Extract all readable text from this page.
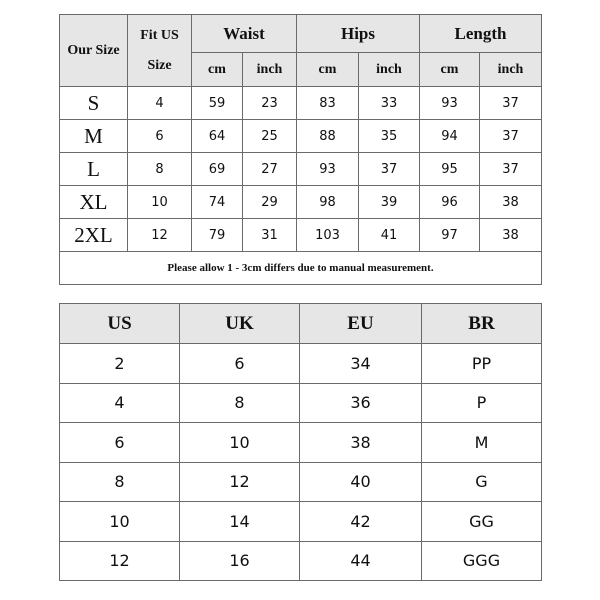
Our Size	Fit US Size	Waist		Hips		Length	
		cm	inch	cm	inch	cm	inch
S	4	59	23	83	33	93	37
M	6	64	25	88	35	94	37
L	8	69	27	93	37	95	37
XL	10	74	29	98	39	96	38
2XL	12	79	31	103	41	97	38
Please allow 1 - 3cm differs due to manual measurement.							
US	UK	EU	BR
2	6	34	PP
4	8	36	P
6	10	38	M
8	12	40	G
10	14	42	GG
12	16	44	GGG
